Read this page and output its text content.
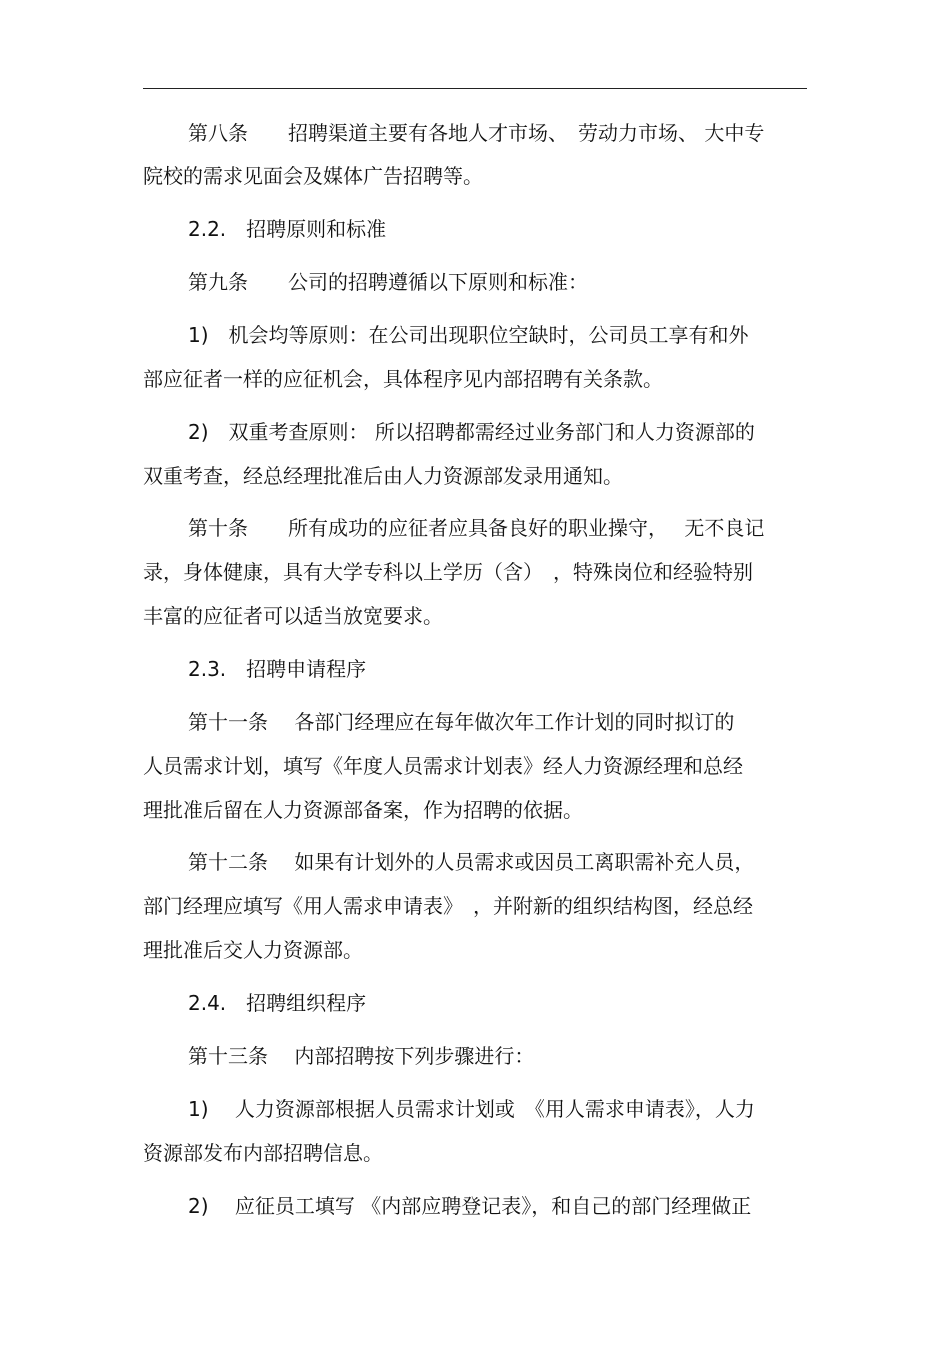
第八条　　招聘渠道主要有各地人才市场、　劳动力市场、 大中专
院校的需求见面会及媒体广告招聘等。
2.2.　招聘原则和标准
第九条　　公司的招聘遵循以下原则和标准：
1)　机会均等原则：在公司出现职位空缺时，公司员工享有和外
部应征者一样的应征机会，具体程序见内部招聘有关条款。
2)　双重考查原则： 所以招聘都需经过业务部门和人力资源部的
双重考查，经总经理批准后由人力资源部发录用通知。
第十条　　所有成功的应征者应具备良好的职业操守，　 无不良记
录，身体健康，具有大学专科以上学历（含）　，特殊岗位和经验特别
丰富的应征者可以适当放宽要求。
2.3.　招聘申请程序
第十一条　 各部门经理应在每年做次年工作计划的同时拟订的
人员需求计划，填写《年度人员需求计划表》经人力资源经理和总经
理批准后留在人力资源部备案，作为招聘的依据。
第十二条　 如果有计划外的人员需求或因员工离职需补充人员，
部门经理应填写《用人需求申请表》　，并附新的组织结构图，经总经
理批准后交人力资源部。
2.4.　招聘组织程序
第十三条　 内部招聘按下列步骤进行：
1)　 人力资源部根据人员需求计划或　《用人需求申请表》，人力
资源部发布内部招聘信息。
2)　 应征员工填写 《内部应聘登记表》，和自己的部门经理做正
